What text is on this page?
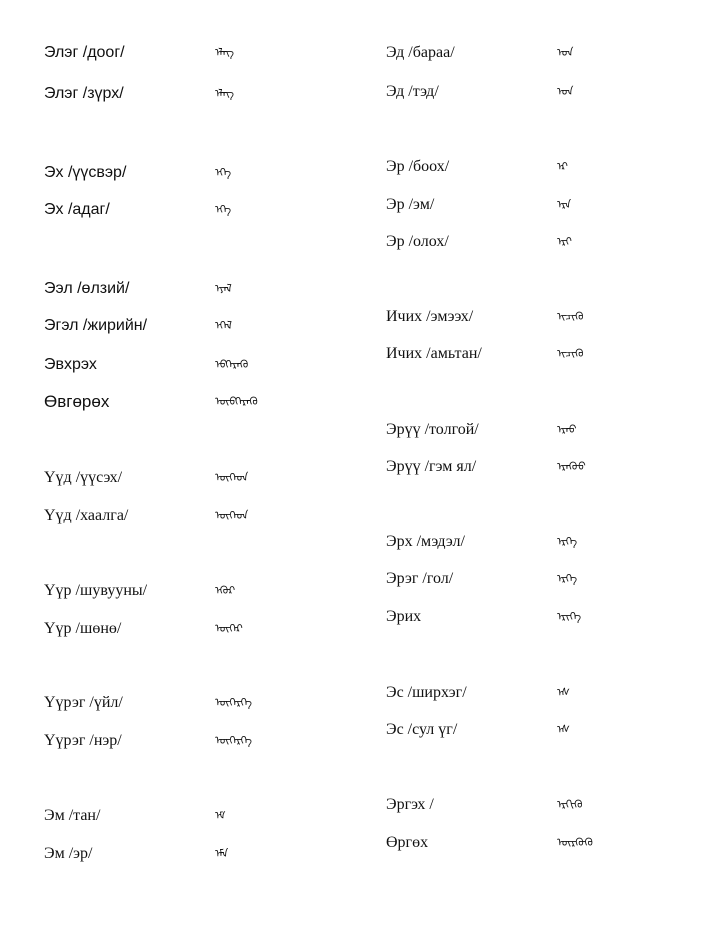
Элэг /доог/	ᠡᠯᠡᠭ
Элэг /зүрх/	ᠡᠯᠡᠭ
Эх /үүсвэр/	ᠡᠬᠡ
Эх /адаг/	ᠡᠬᠡ
Ээл /өлзий/	ᠡᠶᠡᠯ
Эгэл /жирийн/	ᠡᠭᠡᠯ
Эвхрэх	ᠡᠪᠬᠡᠷᠡᠬᠦ
Өвгөрөх	ᠥᠪᠭᠡᠷᠡᠬᠦ
Үүд /үүсэх/	ᠦᠭᠡᠳ
Үүд /хаалга/	ᠦᠭᠡᠳ
Үүр /шувууны/	ᠡᠭᠦᠷ
Үүр /шөнө/	ᠦᠭᠡᠷ
Үүрэг /үйл/	ᠦᠭᠡᠷᠭᠡ
Үүрэг /нэр/	ᠦᠭᠡᠷᠭᠡ
Эм /тан/	ᠡᠮ
Эм /эр/	ᠡᠮᠡ
Эд /бараа/	ᠡᠳ
Эд /тэд/	ᠡᠳ
Эр /боох/	ᠡᠷ
Эр /эм/	ᠡᠷᠡ
Эр /олох/	ᠡᠷᠢ
Ичих /эмээх/	ᠢᠴᠢᠬᠦ
Ичих /амьтан/	ᠢᠴᠢᠬᠦ
Эрүү /толгой/	ᠡᠷᠡᠦ
Эрүү /гэм ял/	ᠡᠷᠡᠭᠦᠦ
Эрх /мэдэл/	ᠡᠷᠬᠡ
Эрэг /гол/	ᠡᠷᠭᠡ
Эрих	ᠡᠷᠢᠬᠡ
Эс /ширхэг/	ᠡᠰ
Эс /сул үг/	ᠡᠰ
Эргэх /	ᠡᠷᠭᠢᠬᠦ
Өргөх	ᠥᠷᠭᠦᠬᠦ
